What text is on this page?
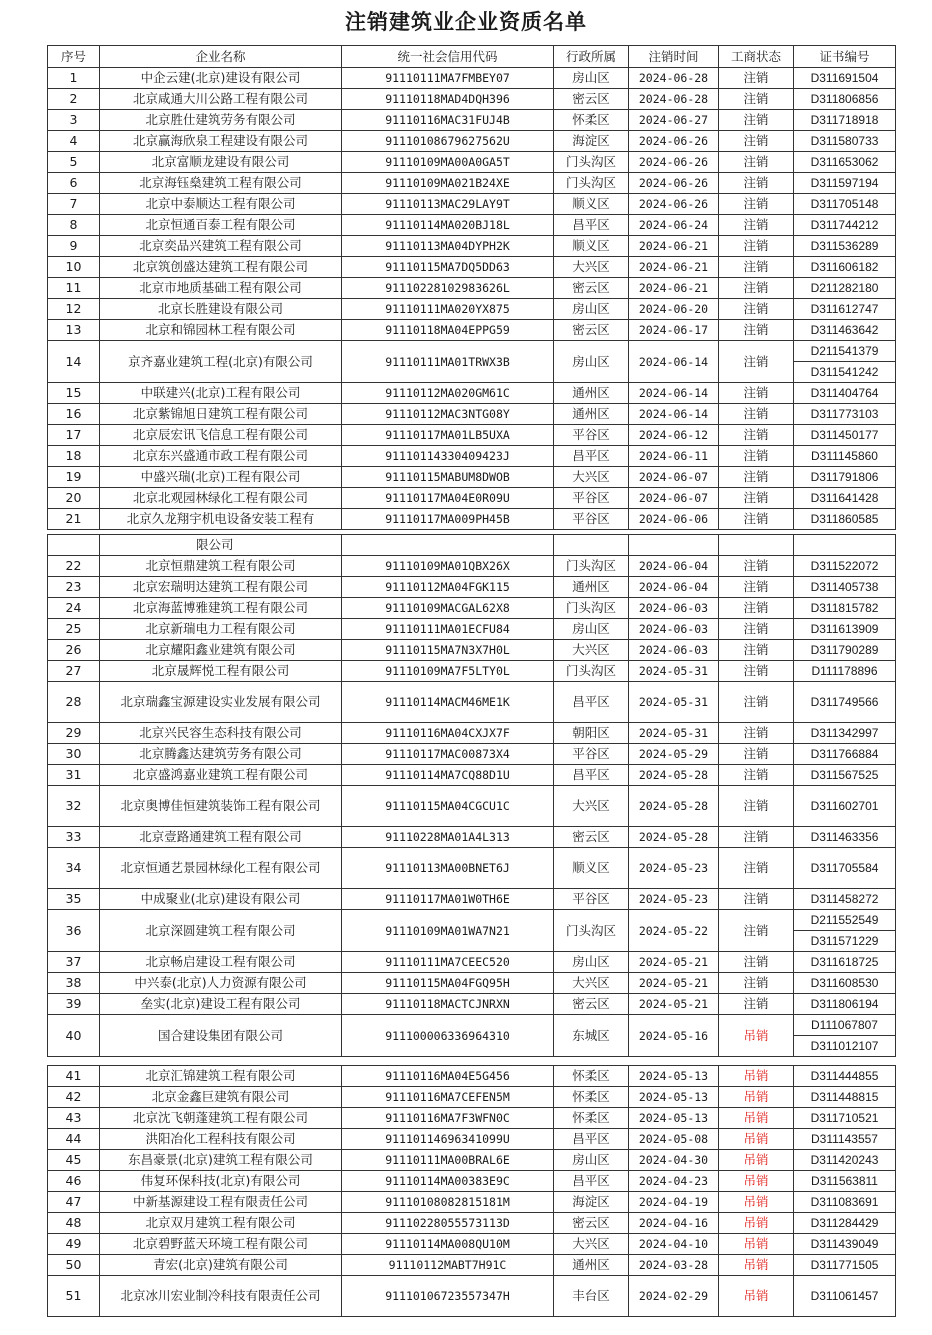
注销建筑业企业资质名单
序号	企业名称	统一社会信用代码	行政所属	注销时间	工商状态	证书编号
1	中企云建(北京)建设有限公司	91110111MA7FMBEY07	房山区	2024-06-28	注销	D311691504
2	北京咸通大川公路工程有限公司	91110118MAD4DQH396	密云区	2024-06-28	注销	D311806856
3	北京胜仕建筑劳务有限公司	91110116MAC31FUJ4B	怀柔区	2024-06-27	注销	D311718918
4	北京赢海欣泉工程建设有限公司	91110108679627562U	海淀区	2024-06-26	注销	D311580733
5	北京富顺龙建设有限公司	91110109MA00A0GA5T	门头沟区	2024-06-26	注销	D311653062
6	北京海钰燊建筑工程有限公司	91110109MA021B24XE	门头沟区	2024-06-26	注销	D311597194
7	北京中泰顺达工程有限公司	91110113MAC29LAY9T	顺义区	2024-06-26	注销	D311705148
8	北京恒通百泰工程有限公司	91110114MA020BJ18L	昌平区	2024-06-24	注销	D311744212
9	北京奕品兴建筑工程有限公司	91110113MA04DYPH2K	顺义区	2024-06-21	注销	D311536289
10	北京筑创盛达建筑工程有限公司	91110115MA7DQ5DD63	大兴区	2024-06-21	注销	D311606182
11	北京市地质基础工程有限公司	91110228102983626L	密云区	2024-06-21	注销	D211282180
12	北京长胜建设有限公司	91110111MA020YX875	房山区	2024-06-20	注销	D311612747
13	北京和锦园林工程有限公司	91110118MA04EPPG59	密云区	2024-06-17	注销	D311463642
14	京齐嘉业建筑工程(北京)有限公司	91110111MA01TRWX3B	房山区	2024-06-14	注销	D211541379
D311541242

15	中联建兴(北京)工程有限公司	91110112MA020GM61C	通州区	2024-06-14	注销	D311404764
16	北京紫锦旭日建筑工程有限公司	91110112MAC3NTG08Y	通州区	2024-06-14	注销	D311773103
17	北京辰宏讯飞信息工程有限公司	91110117MA01LB5UXA	平谷区	2024-06-12	注销	D311450177
18	北京东兴盛通市政工程有限公司	91110114330409423J	昌平区	2024-06-11	注销	D311145860
19	中盛兴瑞(北京)工程有限公司	91110115MABUM8DWOB	大兴区	2024-06-07	注销	D311791806
20	北京北观园林绿化工程有限公司	91110117MA04E0R09U	平谷区	2024-06-07	注销	D311641428
21	北京久龙翔宇机电设备安装工程有	91110117MA009PH45B	平谷区	2024-06-06	注销	D311860585
	限公司					
22	北京恒鼎建筑工程有限公司	91110109MA01QBX26X	门头沟区	2024-06-04	注销	D311522072
23	北京宏瑞明达建筑工程有限公司	91110112MA04FGK115	通州区	2024-06-04	注销	D311405738
24	北京海蓝博雅建筑工程有限公司	91110109MACGAL62X8	门头沟区	2024-06-03	注销	D311815782
25	北京新瑞电力工程有限公司	91110111MA01ECFU84	房山区	2024-06-03	注销	D311613909
26	北京耀阳鑫业建筑有限公司	91110115MA7N3X7H0L	大兴区	2024-06-03	注销	D311790289
27	北京晟辉悦工程有限公司	91110109MA7F5LTY0L	门头沟区	2024-05-31	注销	D111178896
28	北京瑞鑫宝源建设实业发展有限公司	91110114MACM46ME1K	昌平区	2024-05-31	注销	D311749566
29	北京兴民容生态科技有限公司	91110116MA04CXJX7F	朝阳区	2024-05-31	注销	D311342997
30	北京腾鑫达建筑劳务有限公司	91110117MAC00873X4	平谷区	2024-05-29	注销	D311766884
31	北京盛鸿嘉业建筑工程有限公司	91110114MA7CQ88D1U	昌平区	2024-05-28	注销	D311567525
32	北京奥博佳恒建筑装饰工程有限公司	91110115MA04CGCU1C	大兴区	2024-05-28	注销	D311602701
33	北京壹路通建筑工程有限公司	91110228MA01A4L313	密云区	2024-05-28	注销	D311463356
34	北京恒通艺景园林绿化工程有限公司	91110113MA00BNET6J	顺义区	2024-05-23	注销	D311705584
35	中成聚业(北京)建设有限公司	91110117MA01W0TH6E	平谷区	2024-05-23	注销	D311458272
36	北京深圆建筑工程有限公司	91110109MA01WA7N21	门头沟区	2024-05-22	注销	D211552549
D311571229

37	北京畅启建设工程有限公司	91110111MA7CEEC520	房山区	2024-05-21	注销	D311618725
38	中兴泰(北京)人力资源有限公司	91110115MA04FGQ95H	大兴区	2024-05-21	注销	D311608530
39	垒实(北京)建设工程有限公司	91110118MACTCJNRXN	密云区	2024-05-21	注销	D311806194
40	国合建设集团有限公司	911100006336964310	东城区	2024-05-16	吊销	D111067807
D311012107
41	北京汇锦建筑工程有限公司	91110116MA04E5G456	怀柔区	2024-05-13	吊销	D311444855
42	北京金鑫巨建筑有限公司	91110116MA7CEFEN5M	怀柔区	2024-05-13	吊销	D311448815
43	北京沈飞朝蓬建筑工程有限公司	91110116MA7F3WFN0C	怀柔区	2024-05-13	吊销	D311710521
44	洪阳冶化工程科技有限公司	91110114696341099U	昌平区	2024-05-08	吊销	D311143557
45	东昌豪景(北京)建筑工程有限公司	91110111MA00BRAL6E	房山区	2024-04-30	吊销	D311420243
46	伟复环保科技(北京)有限公司	91110114MA00383E9C	昌平区	2024-04-23	吊销	D311563811
47	中新基源建设工程有限责任公司	91110108082815181M	海淀区	2024-04-19	吊销	D311083691
48	北京双月建筑工程有限公司	91110228055573113D	密云区	2024-04-16	吊销	D311284429
49	北京碧野蓝天环境工程有限公司	91110114MA008QU10M	大兴区	2024-04-10	吊销	D311439049
50	青宏(北京)建筑有限公司	91110112MABT7H91C	通州区	2024-03-28	吊销	D311771505
51	北京冰川宏业制冷科技有限责任公司	91110106723557347H	丰台区	2024-02-29	吊销	D311061457
